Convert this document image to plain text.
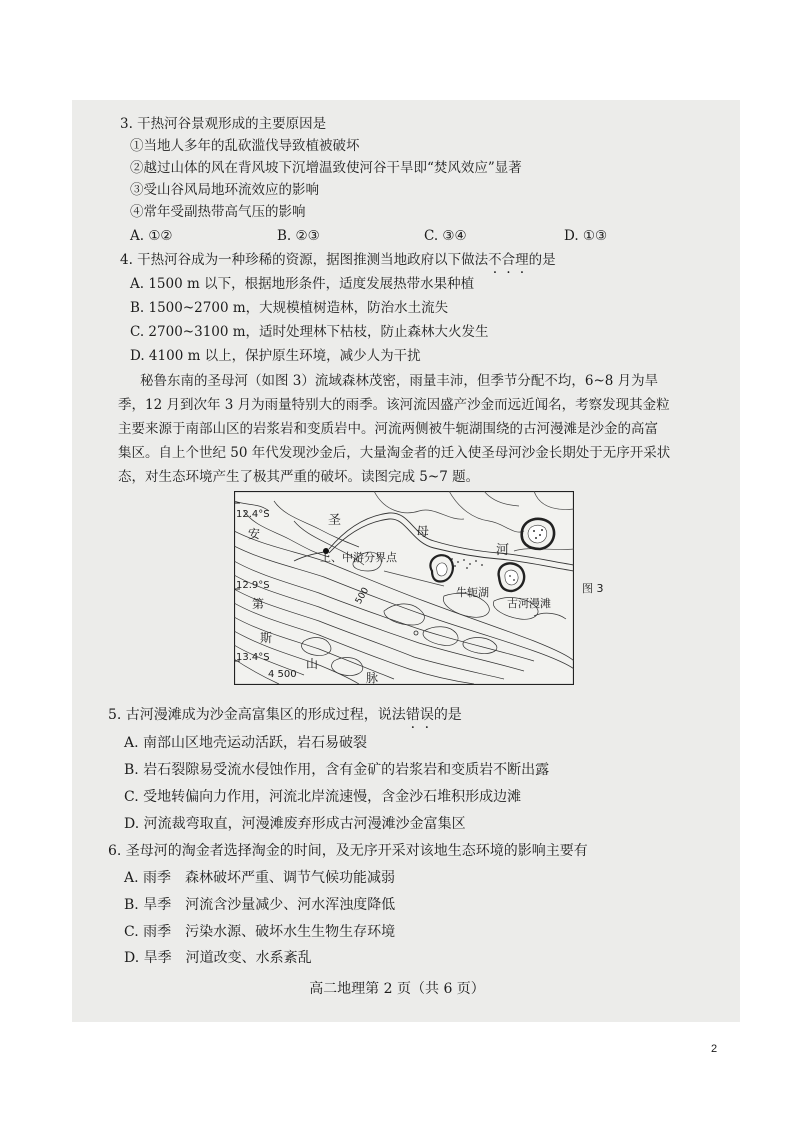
3. 干热河谷景观形成的主要原因是
①当地人多年的乱砍滥伐导致植被破坏
②越过山体的风在背风坡下沉增温致使河谷干旱即“焚风效应”显著
③受山谷风局地环流效应的影响
④常年受副热带高气压的影响
A. ①②	B. ②③	C. ③④	D. ①③
4. 干热河谷成为一种珍稀的资源，据图推测当地政府以下做法不合理的是
A. 1500 m 以下，根据地形条件，适度发展热带水果种植
B. 1500~2700 m，大规模植树造林，防治水土流失
C. 2700~3100 m，适时处理林下枯枝，防止森林大火发生
D. 4100 m 以上，保护原生环境，减少人为干扰
秘鲁东南的圣母河（如图 3）流域森林茂密，雨量丰沛，但季节分配不均，6~8 月为旱
季，12 月到次年 3 月为雨量特别大的雨季。该河流因盛产沙金而远近闻名，考察发现其金粒
主要来源于南部山区的岩浆岩和变质岩中。河流两侧被牛轭湖围绕的古河漫滩是沙金的高富
集区。自上个世纪 50 年代发现沙金后，大量淘金者的迁入使圣母河沙金长期处于无序开采状
态，对生态环境产生了极其严重的破坏。读图完成 5~7 题。
12.4°S
12.9°S
13.4°S
安
第
斯
山
脉
圣
母
河
上、中游分界点
牛轭湖
古河漫滩
500
4 500
图 3
5. 古河漫滩成为沙金高富集区的形成过程，说法错误的是
A. 南部山区地壳运动活跃，岩石易破裂
B. 岩石裂隙易受流水侵蚀作用，含有金矿的岩浆岩和变质岩不断出露
C. 受地转偏向力作用，河流北岸流速慢，含金沙石堆积形成边滩
D. 河流裁弯取直，河漫滩废弃形成古河漫滩沙金富集区
6. 圣母河的淘金者选择淘金的时间，及无序开采对该地生态环境的影响主要有
A. 雨季　森林破坏严重、调节气候功能减弱
B. 旱季　河流含沙量减少、河水浑浊度降低
C. 雨季　污染水源、破坏水生生物生存环境
D. 旱季　河道改变、水系紊乱
高二地理第 2 页（共 6 页）
2
